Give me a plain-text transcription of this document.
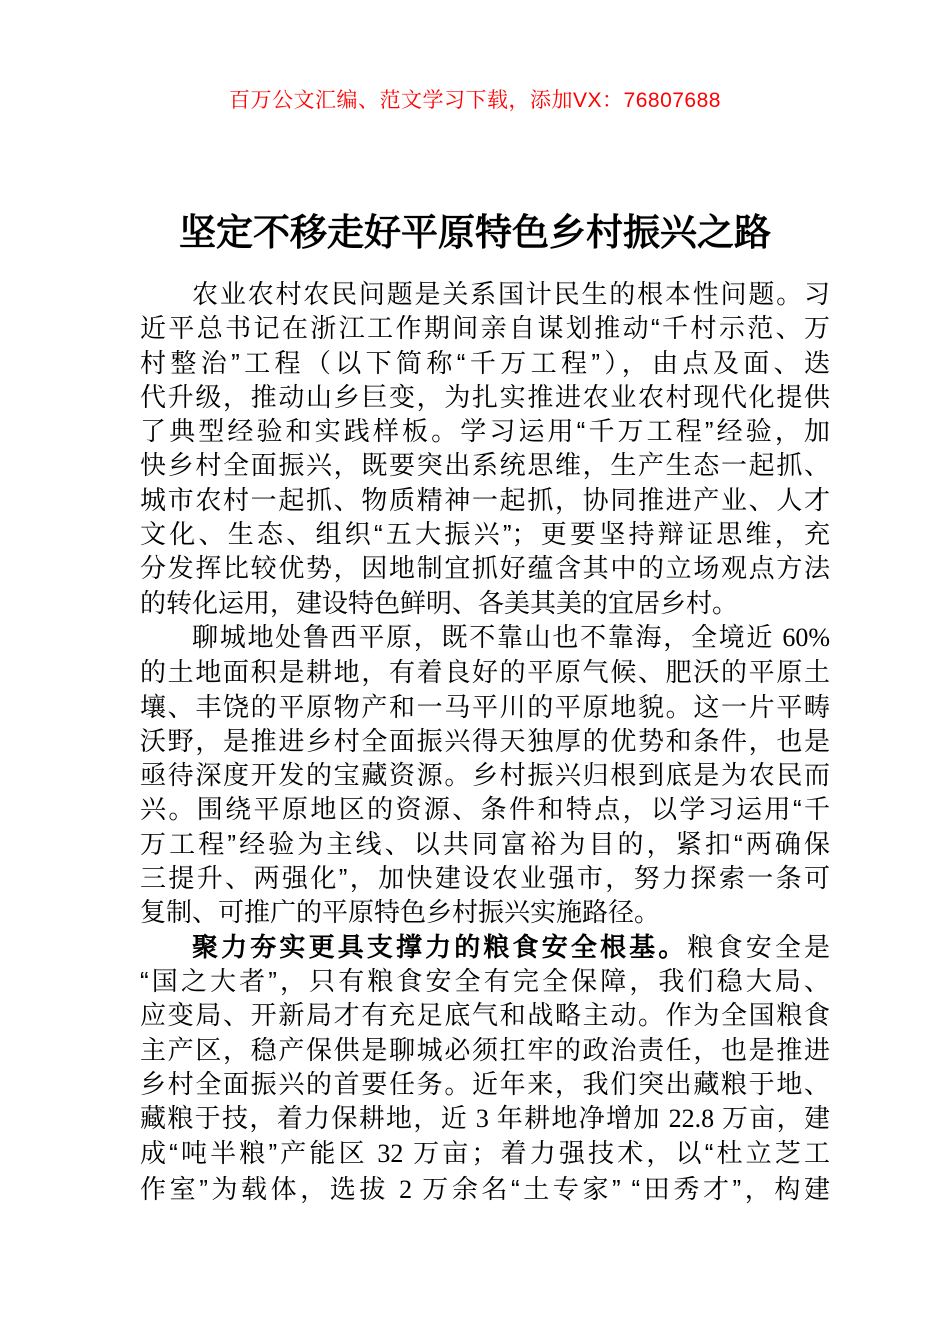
百万公文汇编、范文学习下载，添加VX：76807688
坚定不移走好平原特色乡村振兴之路
农业农村农民问题是关系国计民生的根本性问题。习
近平总书记在浙江工作期间亲自谋划推动“千村示范、万
村整治”工程（以下简称“千万工程”），由点及面、迭
代升级，推动山乡巨变，为扎实推进农业农村现代化提供
了典型经验和实践样板。学习运用“千万工程”经验，加
快乡村全面振兴，既要突出系统思维，生产生态一起抓、
城市农村一起抓、物质精神一起抓，协同推进产业、人才
文化、生态、组织“五大振兴”；更要坚持辩证思维，充
分发挥比较优势，因地制宜抓好蕴含其中的立场观点方法
的转化运用，建设特色鲜明、各美其美的宜居乡村。
聊城地处鲁西平原，既不靠山也不靠海，全境近 60%
的土地面积是耕地，有着良好的平原气候、肥沃的平原土
壤、丰饶的平原物产和一马平川的平原地貌。这一片平畴
沃野，是推进乡村全面振兴得天独厚的优势和条件，也是
亟待深度开发的宝藏资源。乡村振兴归根到底是为农民而
兴。围绕平原地区的资源、条件和特点，以学习运用“千
万工程”经验为主线、以共同富裕为目的，紧扣“两确保
三提升、两强化”，加快建设农业强市，努力探索一条可
复制、可推广的平原特色乡村振兴实施路径。
聚力夯实更具支撑力的粮食安全根基。粮食安全是
“国之大者”，只有粮食安全有完全保障，我们稳大局、
应变局、开新局才有充足底气和战略主动。作为全国粮食
主产区，稳产保供是聊城必须扛牢的政治责任，也是推进
乡村全面振兴的首要任务。近年来，我们突出藏粮于地、
藏粮于技，着力保耕地，近 3 年耕地净增加 22.8 万亩，建
成“吨半粮”产能区 32 万亩；着力强技术，以“杜立芝工
作室”为载体，选拔 2 万余名“土专家” “田秀才”，构建
